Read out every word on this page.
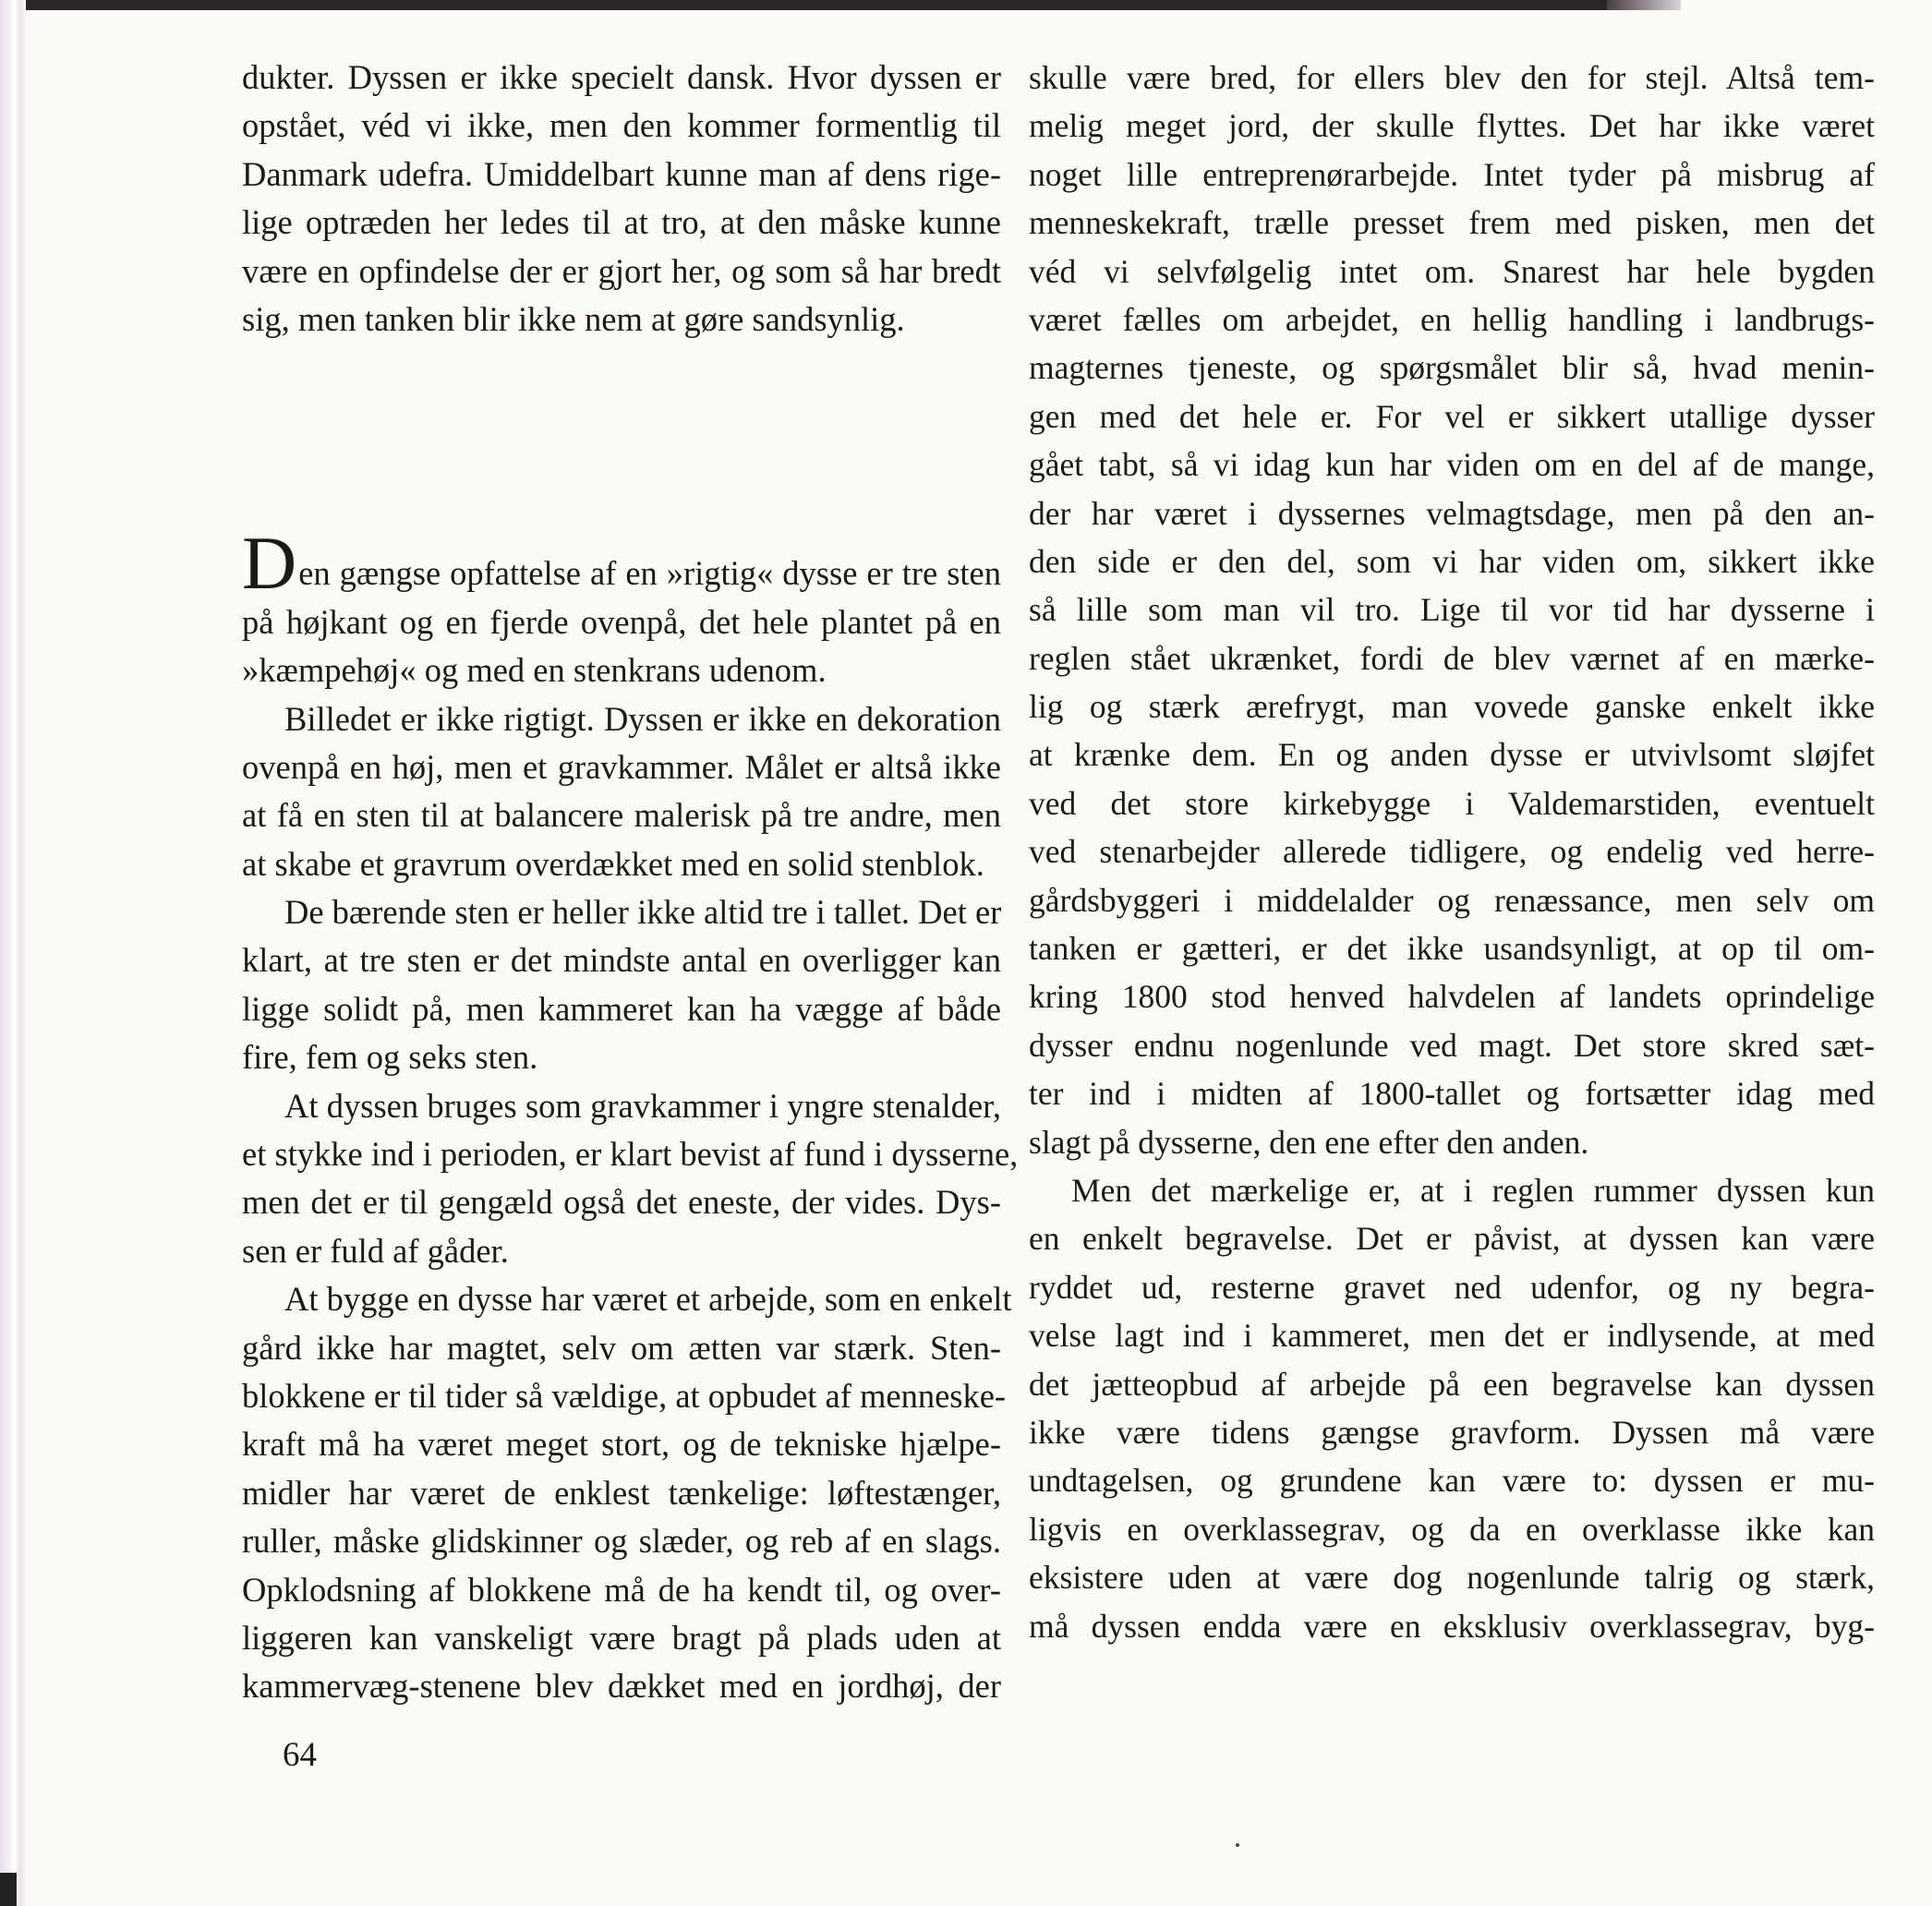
dukter. Dyssen er ikke specielt dansk. Hvor dyssen er
opstået, véd vi ikke, men den kommer formentlig til
Danmark udefra. Umiddelbart kunne man af dens rige-
lige optræden her ledes til at tro, at den måske kunne
være en opfindelse der er gjort her, og som så har bredt
sig, men tanken blir ikke nem at gøre sandsynlig.
Den gængse opfattelse af en »rigtig« dysse er tre sten
på højkant og en fjerde ovenpå, det hele plantet på en
»kæmpehøj« og med en stenkrans udenom.
Billedet er ikke rigtigt. Dyssen er ikke en dekoration
ovenpå en høj, men et gravkammer. Målet er altså ikke
at få en sten til at balancere malerisk på tre andre, men
at skabe et gravrum overdækket med en solid stenblok.
De bærende sten er heller ikke altid tre i tallet. Det er
klart, at tre sten er det mindste antal en overligger kan
ligge solidt på, men kammeret kan ha vægge af både
fire, fem og seks sten.
At dyssen bruges som gravkammer i yngre stenalder,
et stykke ind i perioden, er klart bevist af fund i dysserne,
men det er til gengæld også det eneste, der vides. Dys-
sen er fuld af gåder.
At bygge en dysse har været et arbejde, som en enkelt
gård ikke har magtet, selv om ætten var stærk. Sten-
blokkene er til tider så vældige, at opbudet af menneske-
kraft må ha været meget stort, og de tekniske hjælpe-
midler har været de enklest tænkelige: løftestænger,
ruller, måske glidskinner og slæder, og reb af en slags.
Opklodsning af blokkene må de ha kendt til, og over-
liggeren kan vanskeligt være bragt på plads uden at
kammervæg-stenene blev dækket med en jordhøj, der
skulle være bred, for ellers blev den for stejl. Altså tem-
melig meget jord, der skulle flyttes. Det har ikke været
noget lille entreprenørarbejde. Intet tyder på misbrug af
menneskekraft, trælle presset frem med pisken, men det
véd vi selvfølgelig intet om. Snarest har hele bygden
været fælles om arbejdet, en hellig handling i landbrugs-
magternes tjeneste, og spørgsmålet blir så, hvad menin-
gen med det hele er. For vel er sikkert utallige dysser
gået tabt, så vi idag kun har viden om en del af de mange,
der har været i dyssernes velmagtsdage, men på den an-
den side er den del, som vi har viden om, sikkert ikke
så lille som man vil tro. Lige til vor tid har dysserne i
reglen stået ukrænket, fordi de blev værnet af en mærke-
lig og stærk ærefrygt, man vovede ganske enkelt ikke
at krænke dem. En og anden dysse er utvivlsomt sløjfet
ved det store kirkebygge i Valdemarstiden, eventuelt
ved stenarbejder allerede tidligere, og endelig ved herre-
gårdsbyggeri i middelalder og renæssance, men selv om
tanken er gætteri, er det ikke usandsynligt, at op til om-
kring 1800 stod henved halvdelen af landets oprindelige
dysser endnu nogenlunde ved magt. Det store skred sæt-
ter ind i midten af 1800-tallet og fortsætter idag med
slagt på dysserne, den ene efter den anden.
Men det mærkelige er, at i reglen rummer dyssen kun
en enkelt begravelse. Det er påvist, at dyssen kan være
ryddet ud, resterne gravet ned udenfor, og ny begra-
velse lagt ind i kammeret, men det er indlysende, at med
det jætteopbud af arbejde på een begravelse kan dyssen
ikke være tidens gængse gravform. Dyssen må være
undtagelsen, og grundene kan være to: dyssen er mu-
ligvis en overklassegrav, og da en overklasse ikke kan
eksistere uden at være dog nogenlunde talrig og stærk,
må dyssen endda være en eksklusiv overklassegrav, byg-
64
